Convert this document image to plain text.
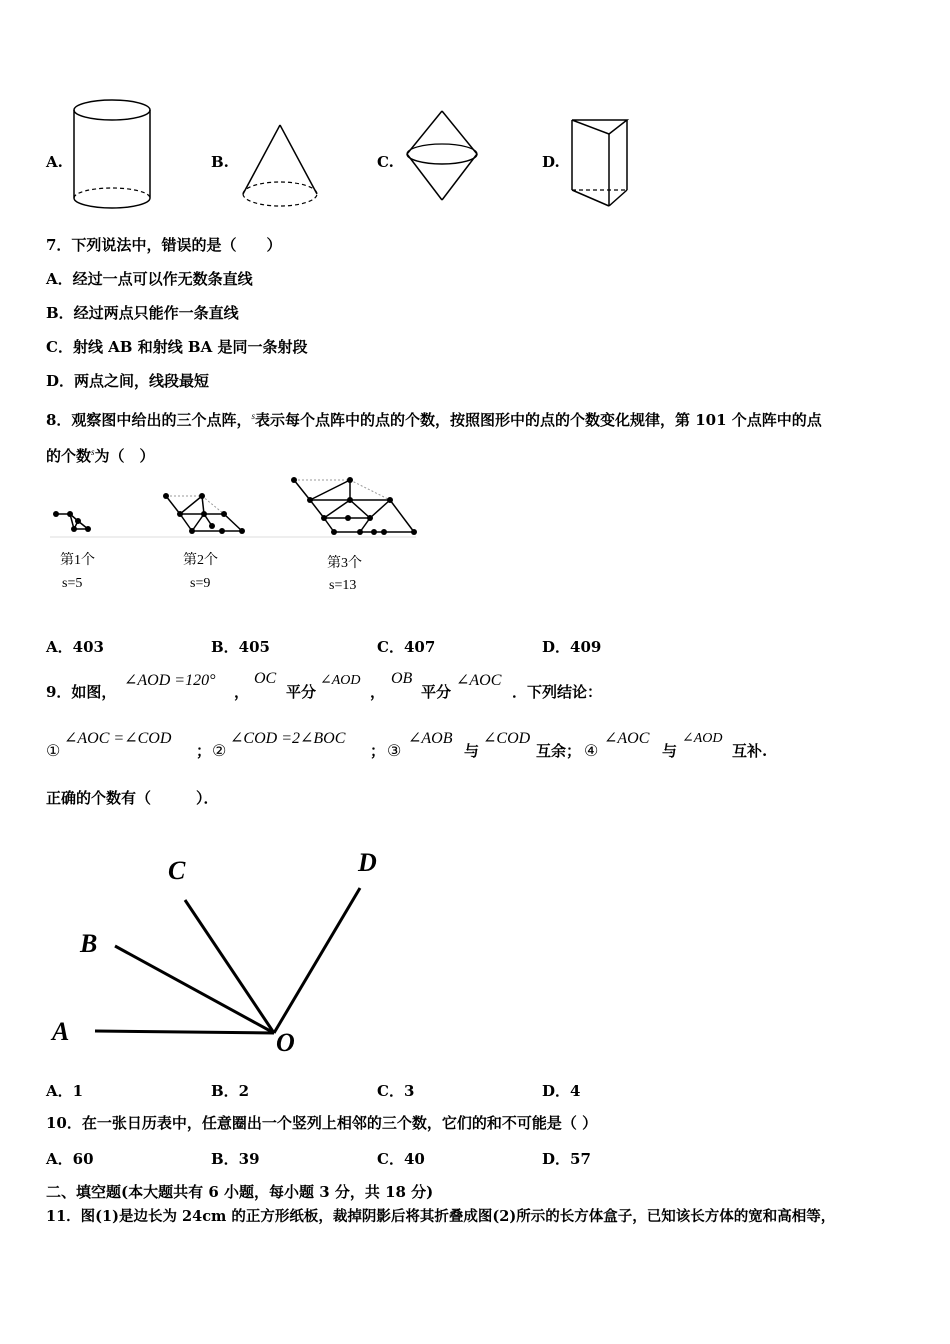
A.	B.	C.	D.
7．下列说法中，错误的是（　　）
A．经过一点可以作无数条直线
B．经过两点只能作一条直线
C．射线 AB 和射线 BA 是同一条射段
D．两点之间，线段最短
8．观察图中给出的三个点阵，$^s$表示每个点阵中的点的个数，按照图形中的点的个数变化规律，第 101 个点阵中的点
的个数$^s$为（　）
第1个
s=5
第2个
s=9
第3个
s=13
A．403	B．405	C．407	D．409
9．如图，
∠AOD =120°
，
OC
平分
∠AOD
，
OB
平分
∠AOC
．下列结论：
①
∠AOC =∠COD
； ②
∠COD =2∠BOC
； ③
∠AOB
与
∠COD
互余； ④
∠AOC
与
∠AOD
互补.
正确的个数有（　　　）．
A
B
C	D
O
A．1	B．2	C．3	D．4
10．在一张日历表中，任意圈出一个竖列上相邻的三个数，它们的和不可能是（ ）
A．60	B．39	C．40	D．57
二、填空题(本大题共有 6 小题，每小题 3 分，共 18 分)
11．图(1)是边长为 24cm 的正方形纸板，裁掉阴影后将其折叠成图(2)所示的长方体盒子，已知该长方体的宽和高相等，
